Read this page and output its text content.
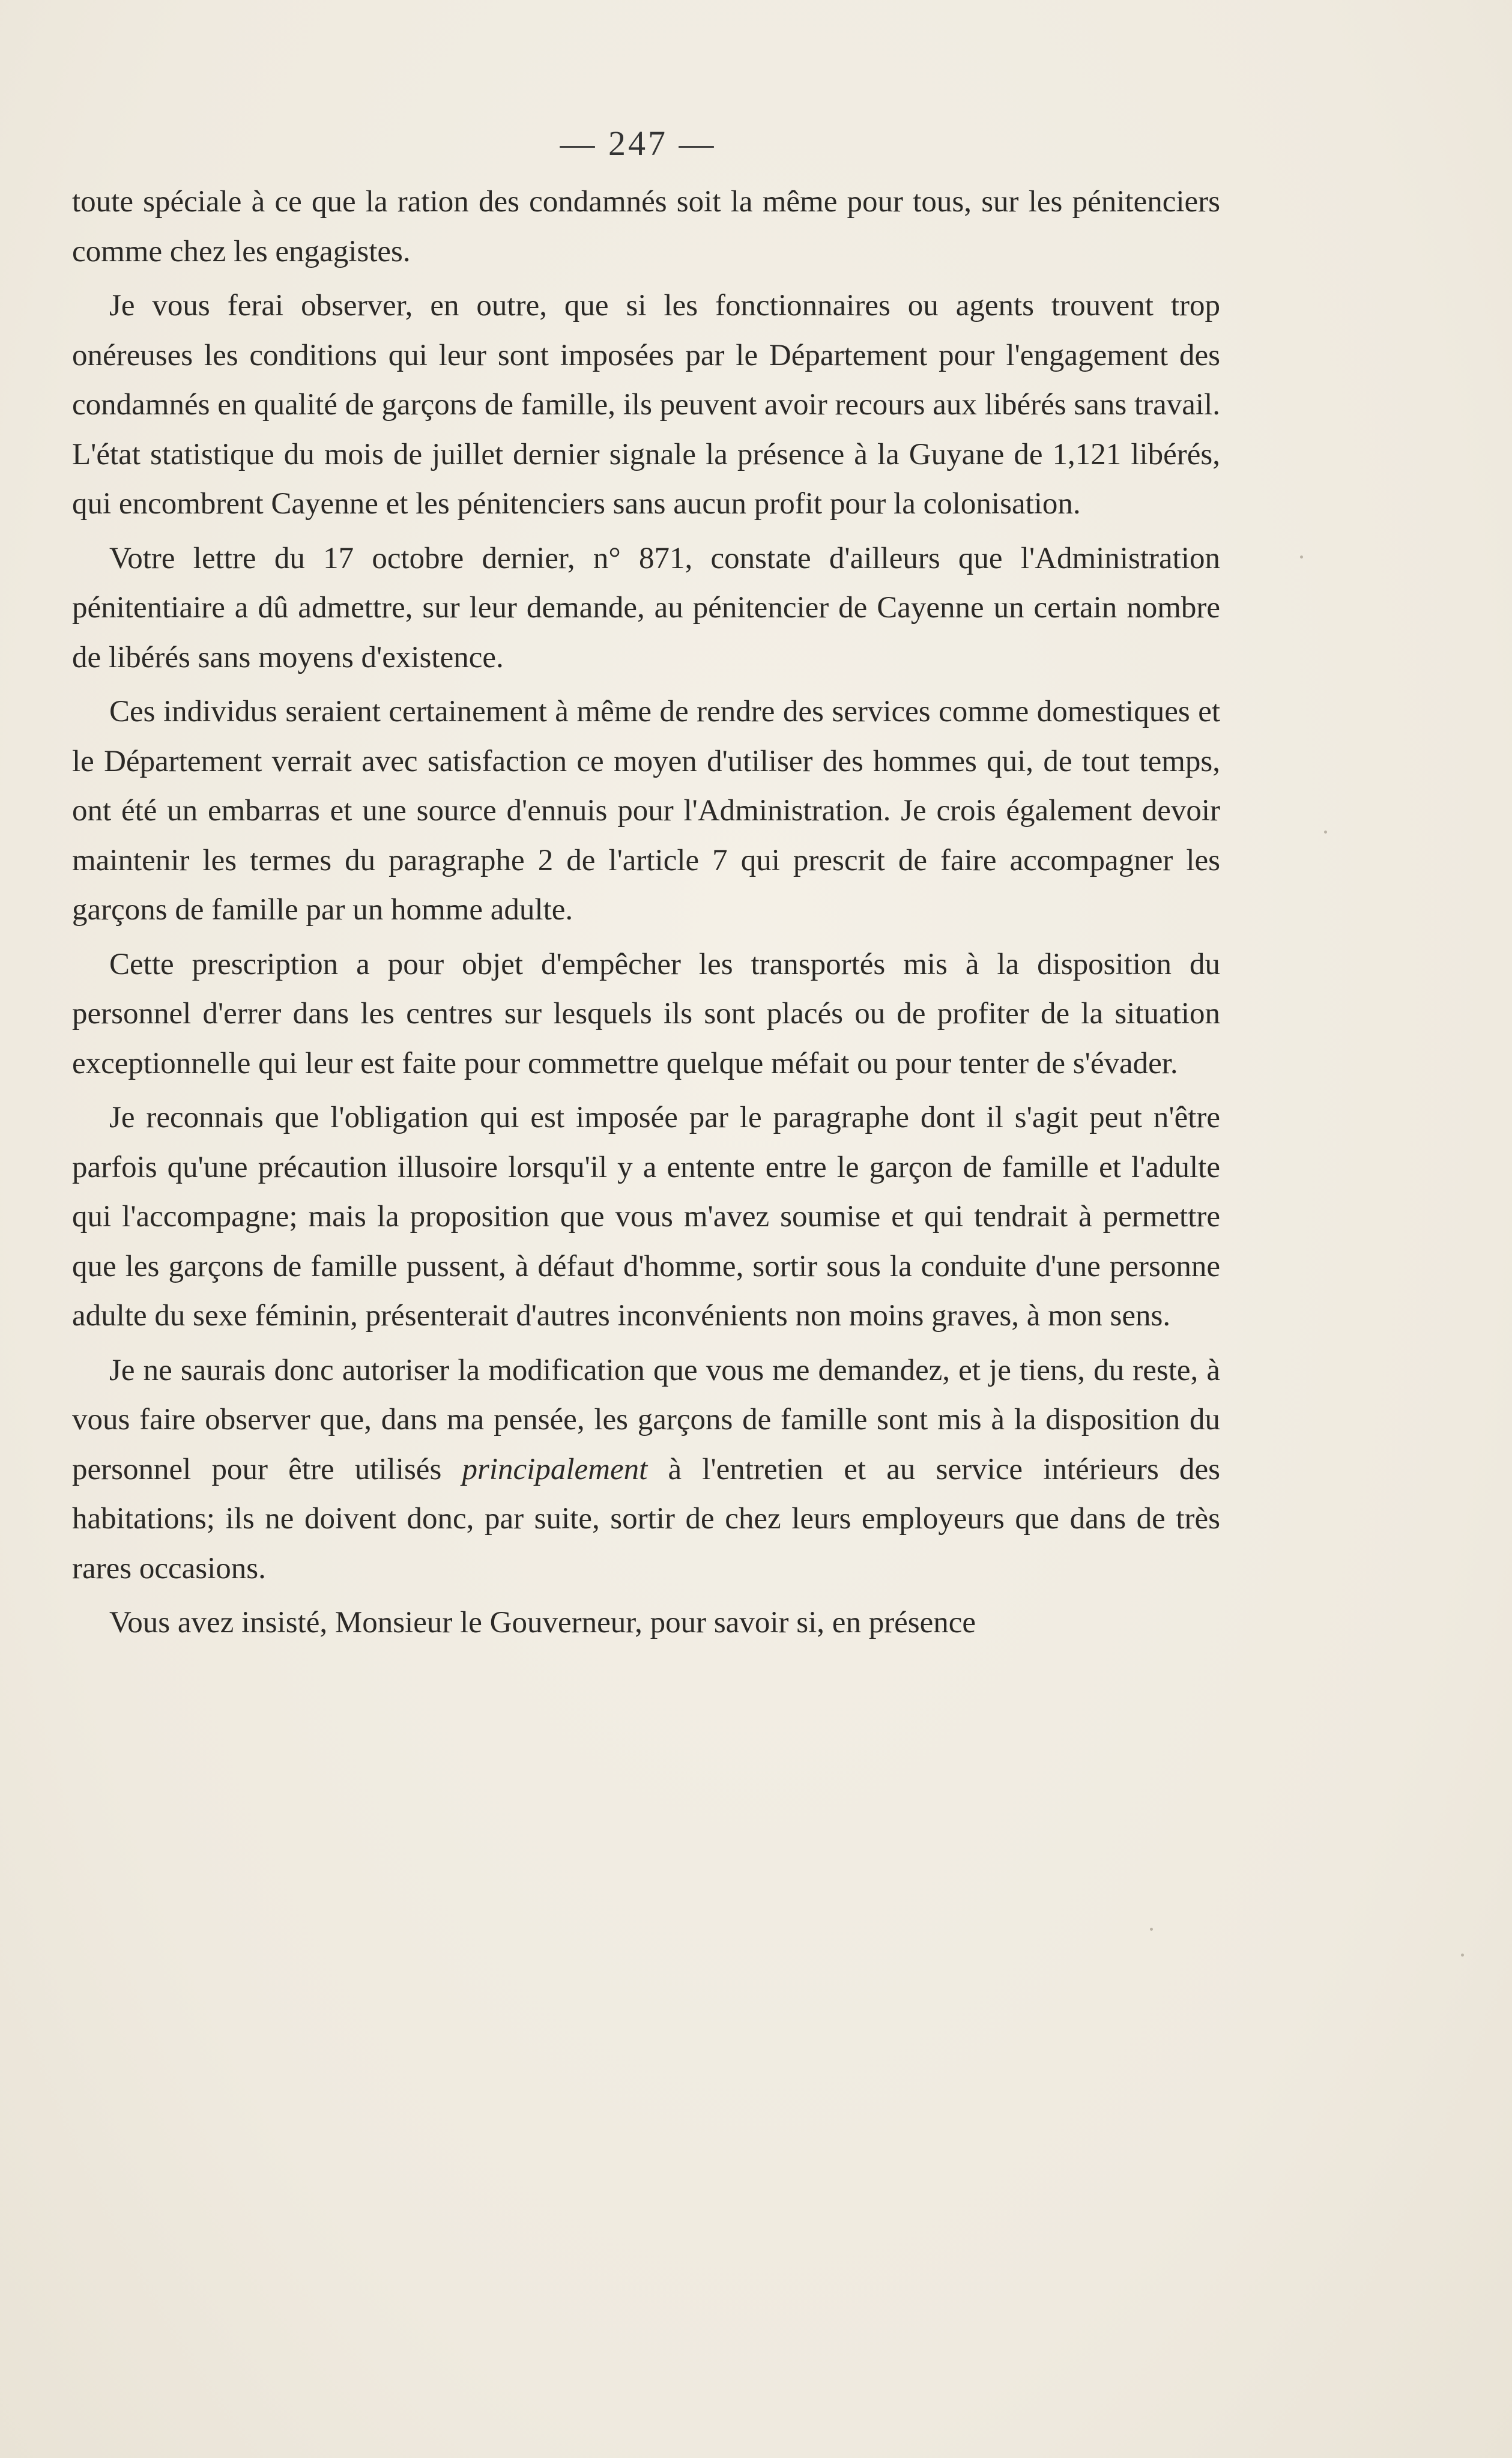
— 247 —

toute spéciale à ce que la ration des condamnés soit la même pour tous, sur les pénitenciers comme chez les engagistes.

Je vous ferai observer, en outre, que si les fonctionnaires ou agents trouvent trop onéreuses les conditions qui leur sont imposées par le Département pour l'engagement des condamnés en qualité de garçons de famille, ils peuvent avoir recours aux libérés sans travail. L'état statistique du mois de juillet dernier signale la présence à la Guyane de 1,121 libérés, qui encombrent Cayenne et les pénitenciers sans aucun profit pour la colonisation.

Votre lettre du 17 octobre dernier, n° 871, constate d'ailleurs que l'Administration pénitentiaire a dû admettre, sur leur demande, au pénitencier de Cayenne un certain nombre de libérés sans moyens d'existence.

Ces individus seraient certainement à même de rendre des services comme domestiques et le Département verrait avec satisfaction ce moyen d'utiliser des hommes qui, de tout temps, ont été un embarras et une source d'ennuis pour l'Administration. Je crois également devoir maintenir les termes du paragraphe 2 de l'article 7 qui prescrit de faire accompagner les garçons de famille par un homme adulte.

Cette prescription a pour objet d'empêcher les transportés mis à la disposition du personnel d'errer dans les centres sur lesquels ils sont placés ou de profiter de la situation exceptionnelle qui leur est faite pour commettre quelque méfait ou pour tenter de s'évader.

Je reconnais que l'obligation qui est imposée par le paragraphe dont il s'agit peut n'être parfois qu'une précaution illusoire lorsqu'il y a entente entre le garçon de famille et l'adulte qui l'accompagne; mais la proposition que vous m'avez soumise et qui tendrait à permettre que les garçons de famille pussent, à défaut d'homme, sortir sous la conduite d'une personne adulte du sexe féminin, présenterait d'autres inconvénients non moins graves, à mon sens.

Je ne saurais donc autoriser la modification que vous me demandez, et je tiens, du reste, à vous faire observer que, dans ma pensée, les garçons de famille sont mis à la disposition du personnel pour être utilisés principalement à l'entretien et au service intérieurs des habitations; ils ne doivent donc, par suite, sortir de chez leurs employeurs que dans de très rares occasions.

Vous avez insisté, Monsieur le Gouverneur, pour savoir si, en présence
